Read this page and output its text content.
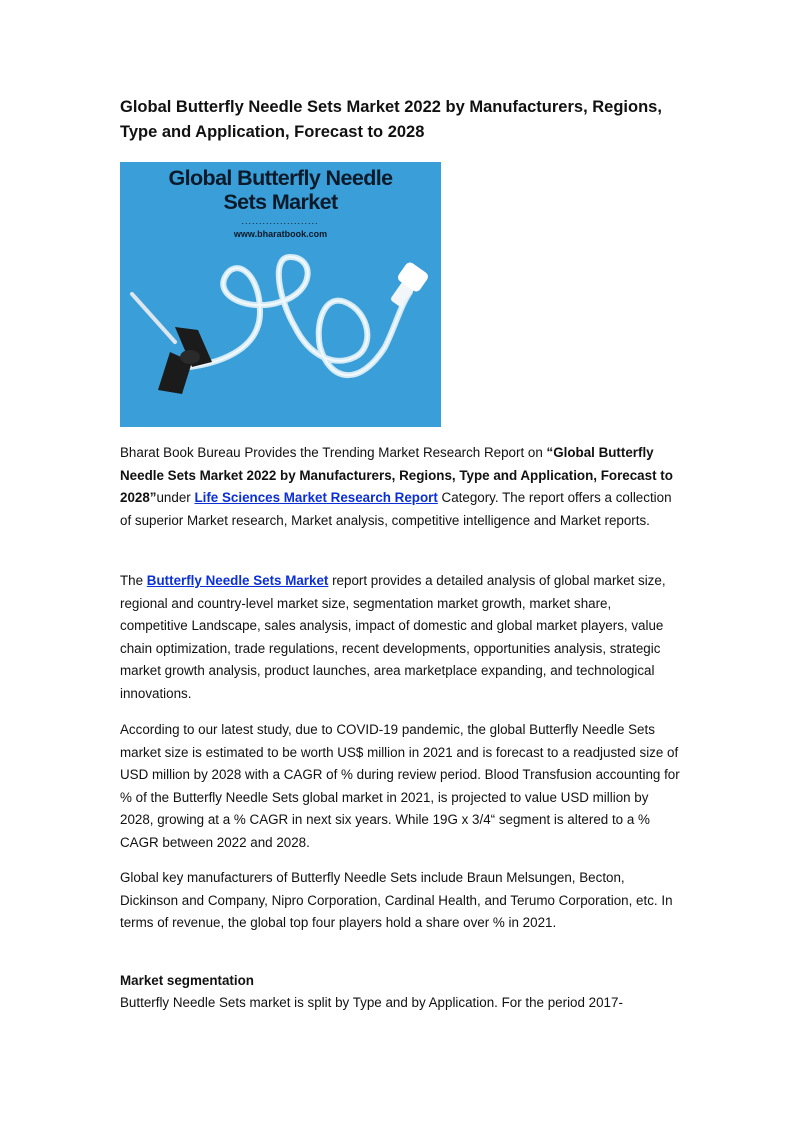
Global Butterfly Needle Sets Market 2022 by Manufacturers, Regions, Type and Application, Forecast to 2028
Global Butterfly Needle
Sets Market
......................
www.bharatbook.com
Bharat Book Bureau Provides the Trending Market Research Report on “Global Butterfly Needle Sets Market 2022 by Manufacturers, Regions, Type and Application, Forecast to 2028”under Life Sciences Market Research Report Category. The report offers a collection of superior Market research, Market analysis, competitive intelligence and Market reports.
The Butterfly Needle Sets Market report provides a detailed analysis of global market size, regional and country-level market size, segmentation market growth, market share, competitive Landscape, sales analysis, impact of domestic and global market players, value chain optimization, trade regulations, recent developments, opportunities analysis, strategic market growth analysis, product launches, area marketplace expanding, and technological innovations.
According to our latest study, due to COVID-19 pandemic, the global Butterfly Needle Sets market size is estimated to be worth US$ million in 2021 and is forecast to a readjusted size of USD million by 2028 with a CAGR of % during review period. Blood Transfusion accounting for % of the Butterfly Needle Sets global market in 2021, is projected to value USD million by 2028, growing at a % CAGR in next six years. While 19G x 3/4“ segment is altered to a % CAGR between 2022 and 2028.
Global key manufacturers of Butterfly Needle Sets include Braun Melsungen, Becton, Dickinson and Company, Nipro Corporation, Cardinal Health, and Terumo Corporation, etc. In terms of revenue, the global top four players hold a share over % in 2021.
Market segmentation
Butterfly Needle Sets market is split by Type and by Application. For the period 2017-
